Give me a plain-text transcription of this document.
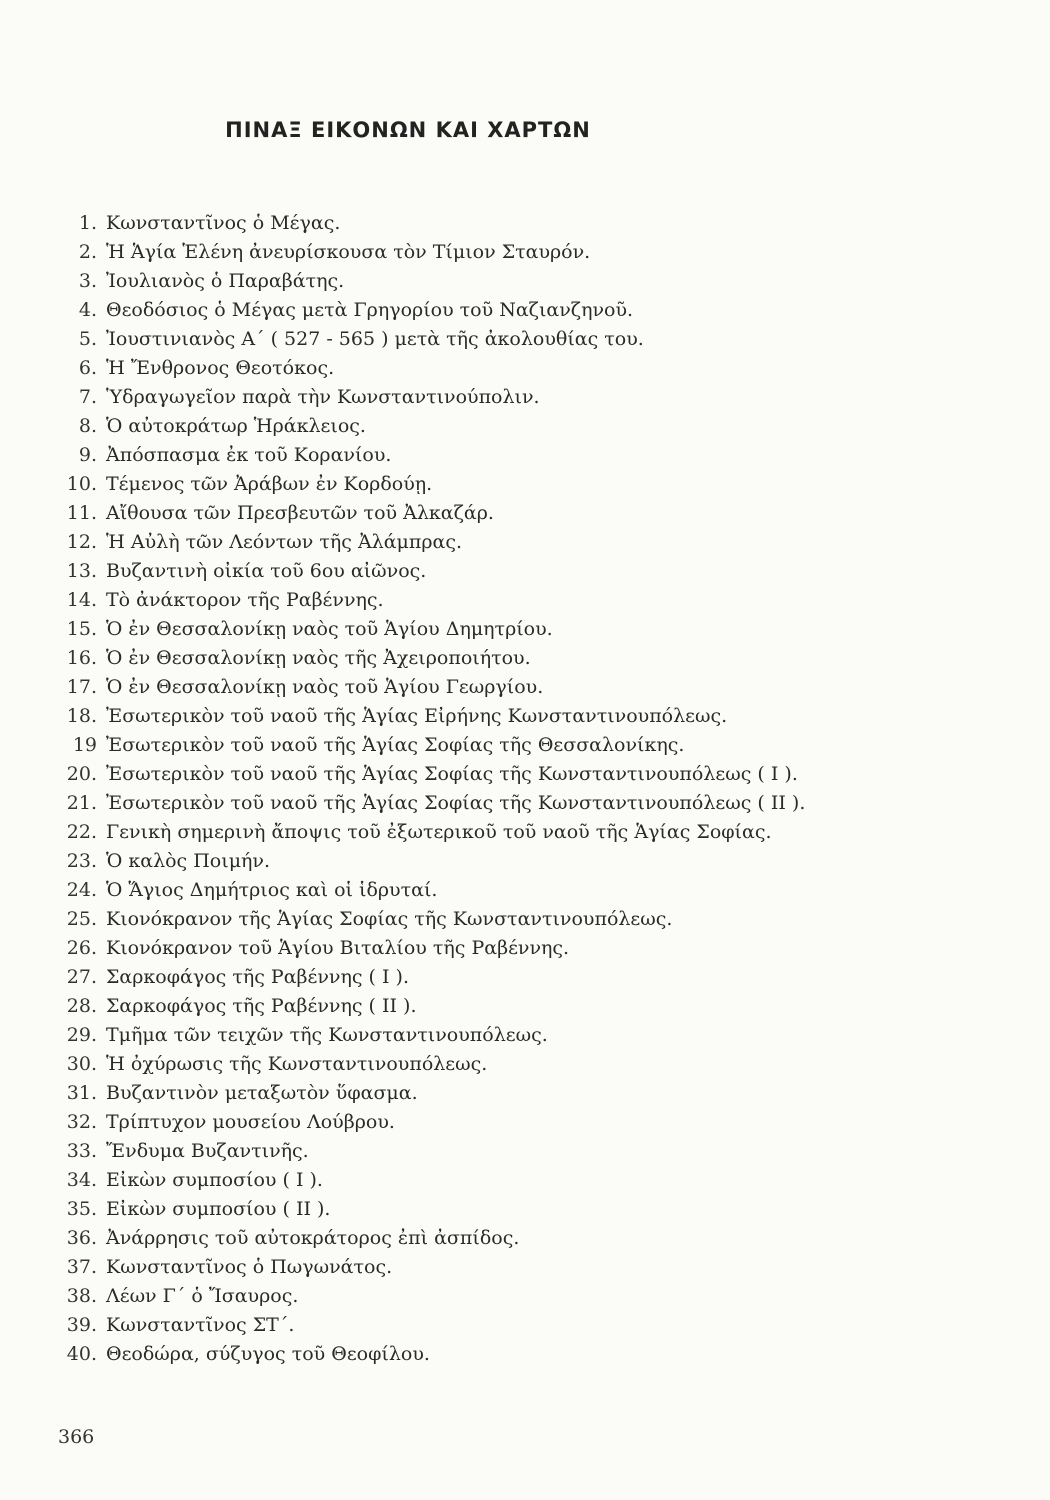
ΠΙΝΑΞ ΕΙΚΟΝΩΝ ΚΑΙ ΧΑΡΤΩΝ
1. Κωνσταντῖνος ὁ Μέγας.
2. Ἡ Ἁγία Ἑλένη ἀνευρίσκουσα τὸν Τίμιον Σταυρόν.
3. Ἰουλιανὸς ὁ Παραβάτης.
4. Θεοδόσιος ὁ Μέγας μετὰ Γρηγορίου τοῦ Ναζιανζηνοῦ.
5. Ἰουστινιανὸς Α΄ ( 527 - 565 ) μετὰ τῆς ἀκολουθίας του.
6. Ἡ Ἔνθρονος Θεοτόκος.
7. Ὑδραγωγεῖον παρὰ τὴν Κωνσταντινούπολιν.
8. Ὁ αὐτοκράτωρ Ἡράκλειος.
9. Ἀπόσπασμα ἐκ τοῦ Κορανίου.
10. Τέμενος τῶν Ἀράβων ἐν Κορδούῃ.
11. Αἴθουσα τῶν Πρεσβευτῶν τοῦ Ἀλκαζάρ.
12. Ἡ Αὐλὴ τῶν Λεόντων τῆς Ἀλάμπρας.
13. Βυζαντινὴ οἰκία τοῦ 6ου αἰῶνος.
14. Τὸ ἀνάκτορον τῆς Ραβέννης.
15. Ὁ ἐν Θεσσαλονίκῃ ναὸς τοῦ Ἁγίου Δημητρίου.
16. Ὁ ἐν Θεσσαλονίκῃ ναὸς τῆς Ἀχειροποιήτου.
17. Ὁ ἐν Θεσσαλονίκῃ ναὸς τοῦ Ἁγίου Γεωργίου.
18. Ἐσωτερικὸν τοῦ ναοῦ τῆς Ἁγίας Εἰρήνης Κωνσταντινουπόλεως.
19 Ἐσωτερικὸν τοῦ ναοῦ τῆς Ἁγίας Σοφίας τῆς Θεσσαλονίκης.
20. Ἐσωτερικὸν τοῦ ναοῦ τῆς Ἁγίας Σοφίας τῆς Κωνσταντινουπόλεως ( I ).
21. Ἐσωτερικὸν τοῦ ναοῦ τῆς Ἁγίας Σοφίας τῆς Κωνσταντινουπόλεως ( II ).
22. Γενικὴ σημερινὴ ἄποψις τοῦ ἐξωτερικοῦ τοῦ ναοῦ τῆς Ἁγίας Σοφίας.
23. Ὁ καλὸς Ποιμήν.
24. Ὁ Ἅγιος Δημήτριος καὶ οἱ ἱδρυταί.
25. Κιονόκρανον τῆς Ἁγίας Σοφίας τῆς Κωνσταντινουπόλεως.
26. Κιονόκρανον τοῦ Ἁγίου Βιταλίου τῆς Ραβέννης.
27. Σαρκοφάγος τῆς Ραβέννης ( I ).
28. Σαρκοφάγος τῆς Ραβέννης ( II ).
29. Τμῆμα τῶν τειχῶν τῆς Κωνσταντινουπόλεως.
30. Ἡ ὀχύρωσις τῆς Κωνσταντινουπόλεως.
31. Βυζαντινὸν μεταξωτὸν ὕφασμα.
32. Τρίπτυχον μουσείου Λούβρου.
33. Ἔνδυμα Βυζαντινῆς.
34. Εἰκὼν συμποσίου ( I ).
35. Εἰκὼν συμποσίου ( II ).
36. Ἀνάρρησις τοῦ αὐτοκράτορος ἐπὶ ἀσπίδος.
37. Κωνσταντῖνος ὁ Πωγωνάτος.
38. Λέων Γ΄ ὁ Ἴσαυρος.
39. Κωνσταντῖνος ΣΤ΄.
40. Θεοδώρα, σύζυγος τοῦ Θεοφίλου.
366
